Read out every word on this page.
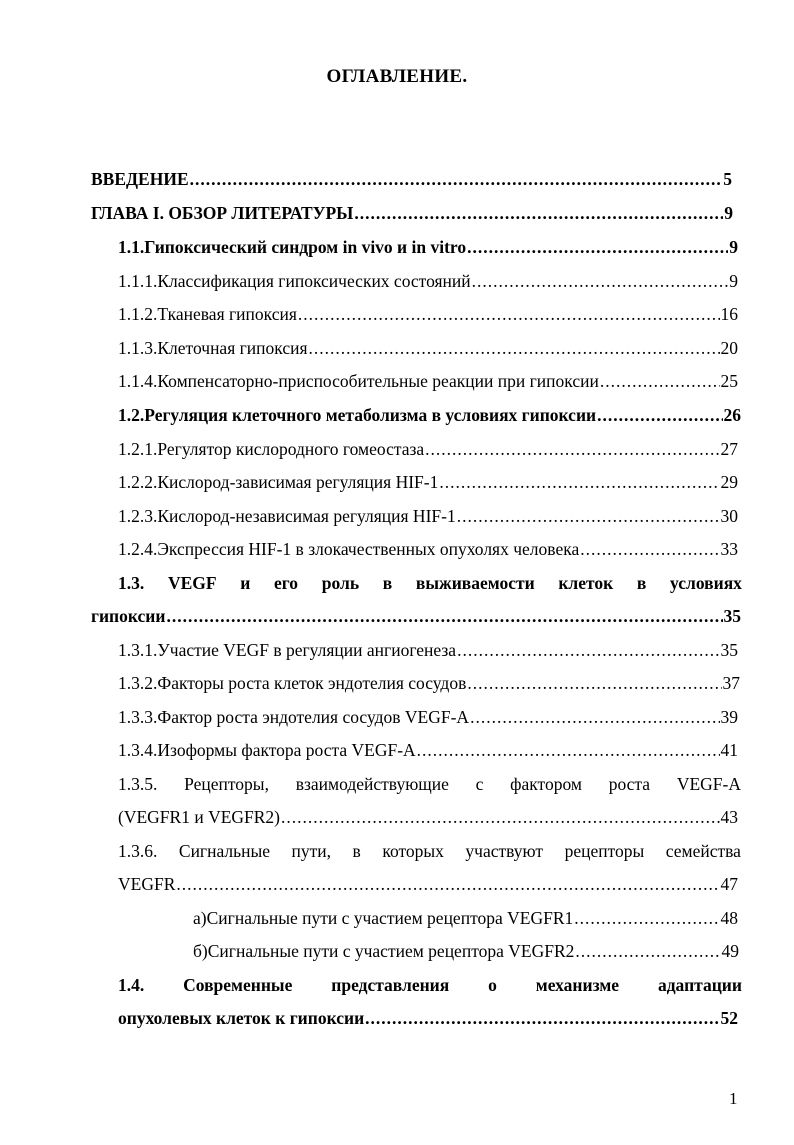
ОГЛАВЛЕНИЕ.
ВВЕДЕНИЕ .....	5
ГЛАВА I. ОБЗОР ЛИТЕРАТУРЫ .....	9
1.1. Гипоксический синдром in vivo и in vitro .....	9
1.1.1. Классификация гипоксических состояний .....	9
1.1.2. Тканевая гипоксия .....	16
1.1.3. Клеточная гипоксия .....	20
1.1.4. Компенсаторно-приспособительные реакции при гипоксии .....	25
1.2. Регуляция клеточного метаболизма в условиях гипоксии .....	26
1.2.1. Регулятор кислородного гомеостаза .....	27
1.2.2. Кислород-зависимая регуляция HIF-1 .....	29
1.2.3. Кислород-независимая регуляция HIF-1 .....	30
1.2.4. Экспрессия HIF-1 в злокачественных опухолях человека .....	33
1.3. VEGF и его роль в выживаемости клеток в условиях
гипоксии .....	35
1.3.1. Участие VEGF в регуляции ангиогенеза .....	35
1.3.2. Факторы роста клеток эндотелия сосудов .....	37
1.3.3. Фактор роста эндотелия сосудов VEGF-A .....	39
1.3.4. Изоформы фактора роста VEGF-A .....	41
1.3.5. Рецепторы, взаимодействующие с фактором роста VEGF-A
(VEGFR1 и VEGFR2) .....	43
1.3.6. Сигнальные пути, в которых участвуют рецепторы семейства
VEGFR .....	47
а) Сигнальные пути с участием рецептора VEGFR1 .....	48
б) Сигнальные пути с участием рецептора VEGFR2 .....	49
1.4. Современные представления о механизме адаптации
опухолевых клеток к гипоксии .....	52
1
